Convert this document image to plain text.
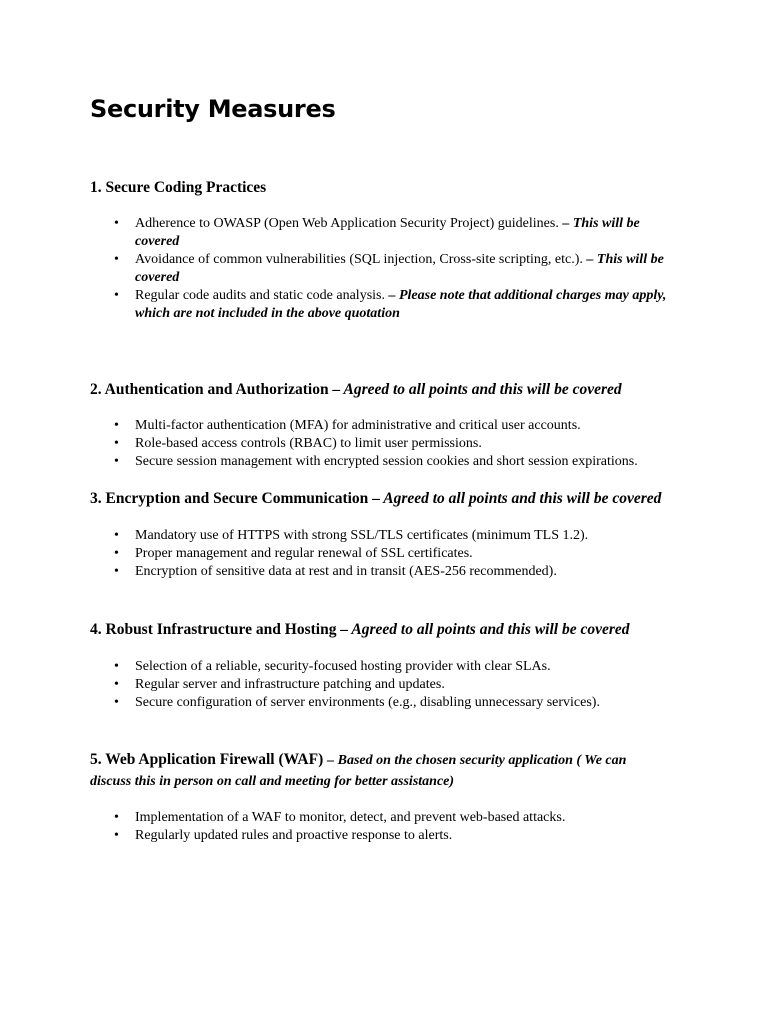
Security Measures
1. Secure Coding Practices
• Adherence to OWASP (Open Web Application Security Project) guidelines. – This will be covered
• Avoidance of common vulnerabilities (SQL injection, Cross-site scripting, etc.). – This will be covered
• Regular code audits and static code analysis. – Please note that additional charges may apply, which are not included in the above quotation
2. Authentication and Authorization – Agreed to all points and this will be covered
• Multi-factor authentication (MFA) for administrative and critical user accounts.
• Role-based access controls (RBAC) to limit user permissions.
• Secure session management with encrypted session cookies and short session expirations.
3. Encryption and Secure Communication – Agreed to all points and this will be covered
• Mandatory use of HTTPS with strong SSL/TLS certificates (minimum TLS 1.2).
• Proper management and regular renewal of SSL certificates.
• Encryption of sensitive data at rest and in transit (AES-256 recommended).
4. Robust Infrastructure and Hosting – Agreed to all points and this will be covered
• Selection of a reliable, security-focused hosting provider with clear SLAs.
• Regular server and infrastructure patching and updates.
• Secure configuration of server environments (e.g., disabling unnecessary services).
5. Web Application Firewall (WAF) – Based on the chosen security application ( We can discuss this in person on call and meeting for better assistance)
• Implementation of a WAF to monitor, detect, and prevent web-based attacks.
• Regularly updated rules and proactive response to alerts.
